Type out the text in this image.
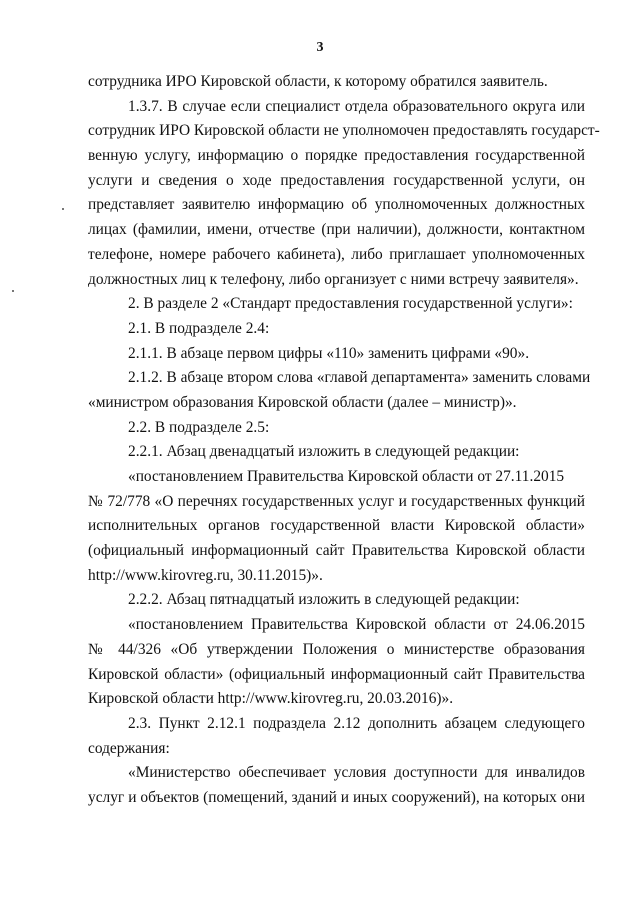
3
сотрудника ИРО Кировской области, к которому обратился заявитель.
1.3.7. В случае если специалист отдела образовательного округа или
сотрудник ИРО Кировской области не уполномочен предоставлять государст-
венную услугу, информацию о порядке предоставления государственной
услуги и сведения о ходе предоставления государственной услуги, он
представляет заявителю информацию об уполномоченных должностных
лицах (фамилии, имени, отчестве (при наличии), должности, контактном
телефоне, номере рабочего кабинета), либо приглашает уполномоченных
должностных лиц к телефону, либо организует с ними встречу заявителя».
2. В разделе 2 «Стандарт предоставления государственной услуги»:
2.1. В подразделе 2.4:
2.1.1. В абзаце первом цифры «110» заменить цифрами «90».
2.1.2. В абзаце втором слова «главой департамента» заменить словами
«министром образования Кировской области (далее – министр)».
2.2. В подразделе 2.5:
2.2.1. Абзац двенадцатый изложить в следующей редакции:
«постановлением Правительства Кировской области от 27.11.2015
№ 72/778 «О перечнях государственных услуг и государственных функций
исполнительных органов государственной власти Кировской области»
(официальный информационный сайт Правительства Кировской области
http://www.kirovreg.ru, 30.11.2015)».
2.2.2. Абзац пятнадцатый изложить в следующей редакции:
«постановлением Правительства Кировской области от 24.06.2015
№ 44/326 «Об утверждении Положения о министерстве образования
Кировской области» (официальный информационный сайт Правительства
Кировской области http://www.kirovreg.ru, 20.03.2016)».
2.3. Пункт 2.12.1 подраздела 2.12 дополнить абзацем следующего
содержания:
«Министерство обеспечивает условия доступности для инвалидов
услуг и объектов (помещений, зданий и иных сооружений), на которых они
